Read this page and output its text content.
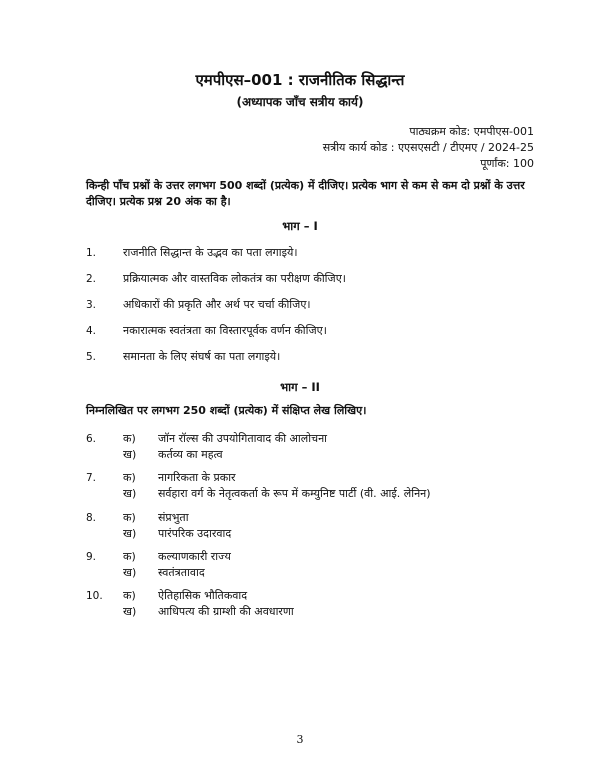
एमपीएस–001 : राजनीतिक सिद्धान्त
(अध्यापक जाँच सत्रीय कार्य)
पाठ्यक्रम कोड: एमपीएस-001
सत्रीय कार्य कोड : एएसएसटी / टीएमए / 2024-25
पूर्णांक: 100
किन्ही पाँच प्रश्नों के उत्तर लगभग 500 शब्दों (प्रत्येक) में दीजिए। प्रत्येक भाग से कम से कम दो प्रश्नों के उत्तर दीजिए। प्रत्येक प्रश्न 20 अंक का है।
भाग – I
1. राजनीति सिद्धान्त के उद्भव का पता लगाइये।
2. प्रक्रियात्मक और वास्तविक लोकतंत्र का परीक्षण कीजिए।
3. अधिकारों की प्रकृति और अर्थ पर चर्चा कीजिए।
4. नकारात्मक स्वतंत्रता का विस्तारपूर्वक वर्णन कीजिए।
5. समानता के लिए संघर्ष का पता लगाइये।
भाग – II
निम्नलिखित पर लगभग 250 शब्दों (प्रत्येक) में संक्षिप्त लेख लिखिए।
6. क) जॉन रॉल्स की उपयोगितावाद की आलोचना
ख) कर्तव्य का महत्व
7. क) नागरिकता के प्रकार
ख) सर्वहारा वर्ग के नेतृत्वकर्ता के रूप में कम्युनिष्ट पार्टी (वी. आई. लेनिन)
8. क) संप्रभुता
ख) पारंपरिक उदारवाद
9. क) कल्याणकारी राज्य
ख) स्वतंत्रतावाद
10. क) ऐतिहासिक भौतिकवाद
ख) आधिपत्य की ग्राम्शी की अवधारणा
3
